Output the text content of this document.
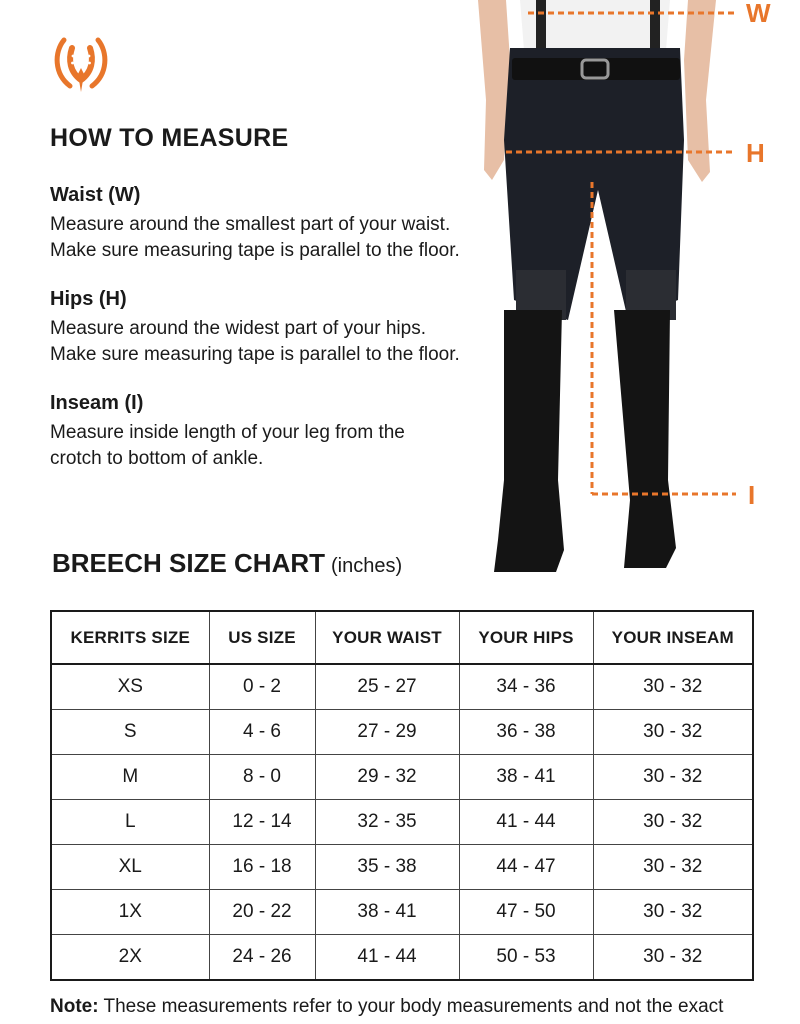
HOW TO MEASURE
Waist (W)

Measure around the smallest part of your waist.

Make sure measuring tape is parallel to the floor.

Hips (H)

Measure around the widest part of your hips.

Make sure measuring tape is parallel to the floor.

Inseam (I)

Measure inside length of your leg from the

crotch to bottom of ankle.

W
H
I
BREECH SIZE CHART (inches)
KERRITS SIZE	US SIZE	YOUR WAIST	YOUR HIPS	YOUR INSEAM
XS	0 - 2	25 - 27	34 - 36	30 - 32
S	4 - 6	27 - 29	36 - 38	30 - 32
M	8 - 0	29 - 32	38 - 41	30 - 32
L	12 - 14	32 - 35	41 - 44	30 - 32
XL	16 - 18	35 - 38	44 - 47	30 - 32
1X	20 - 22	38 - 41	47 - 50	30 - 32
2X	24 - 26	41 - 44	50 - 53	30 - 32

Note: These measurements refer to your body measurements and not the exact
